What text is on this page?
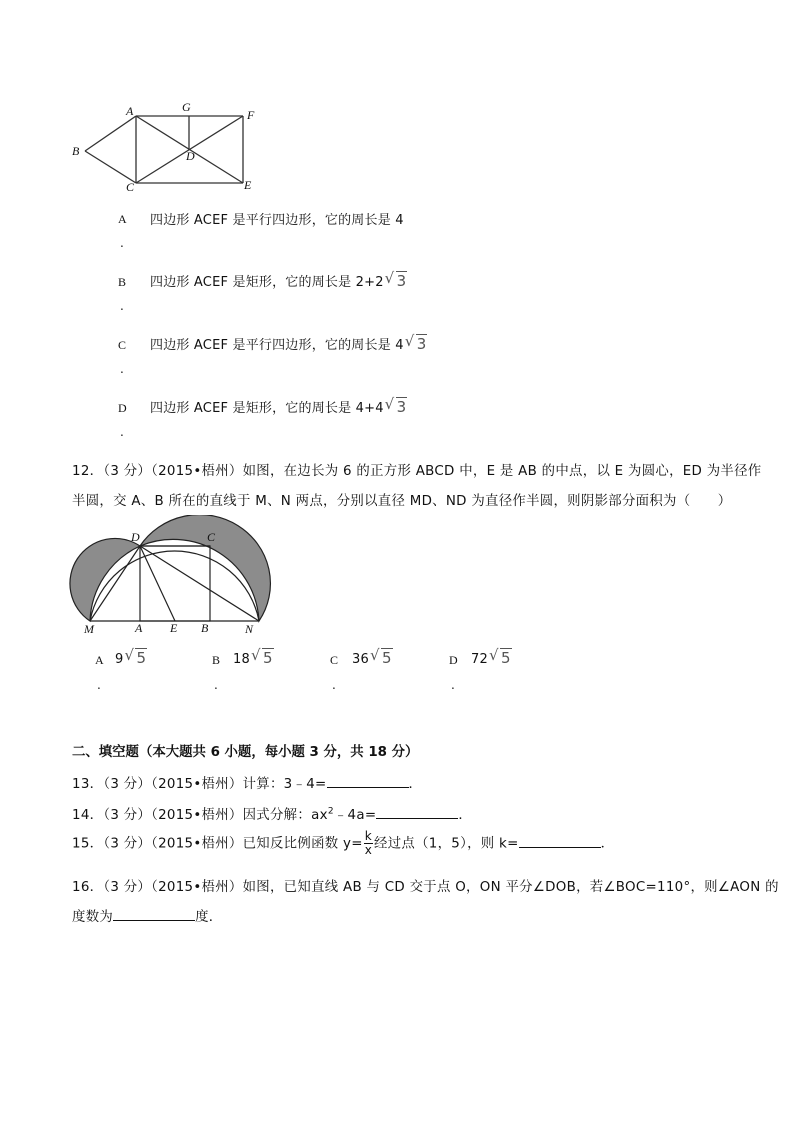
A	G
F
B	D
C	E
A 四边形 ACEF 是平行四边形，它的周长是 4
.
B 四边形 ACEF 是矩形，它的周长是 2+2 √ 3
.
C 四边形 ACEF 是平行四边形，它的周长是 4 √ 3
.
D 四边形 ACEF 是矩形，它的周长是 4+4 √ 3
.
12．（3 分）（2015•梧州）如图，在边长为 6 的正方形 ABCD 中，E 是 AB 的中点，以 E 为圆心，ED 为半径作
半圆，交 A、B 所在的直线于 M、N 两点，分别以直径 MD、ND 为直径作半圆，则阴影部分面积为（　　）
D	C
M	A E B	N
A 9 √ 5
.
B 18 √ 5
.
C 36 √ 5
.
D 72 √ 5
.
二、填空题（本大题共 6 小题，每小题 3 分，共 18 分）
13．（3 分）（2015•梧州）计算：3﹣4=	．
14．（3 分）（2015•梧州）因式分解：$ax^2﹣4a=$	．
15．（3 分）（2015•梧州）已知反比例函数 $y= \frac{k}{x}$ 经过点（1，5），则 k=	．
16．（3 分）（2015•梧州）如图，已知直线 AB 与 CD 交于点 O，ON 平分∠DOB，若∠BOC=110°，则∠AON 的
度数为	度．
